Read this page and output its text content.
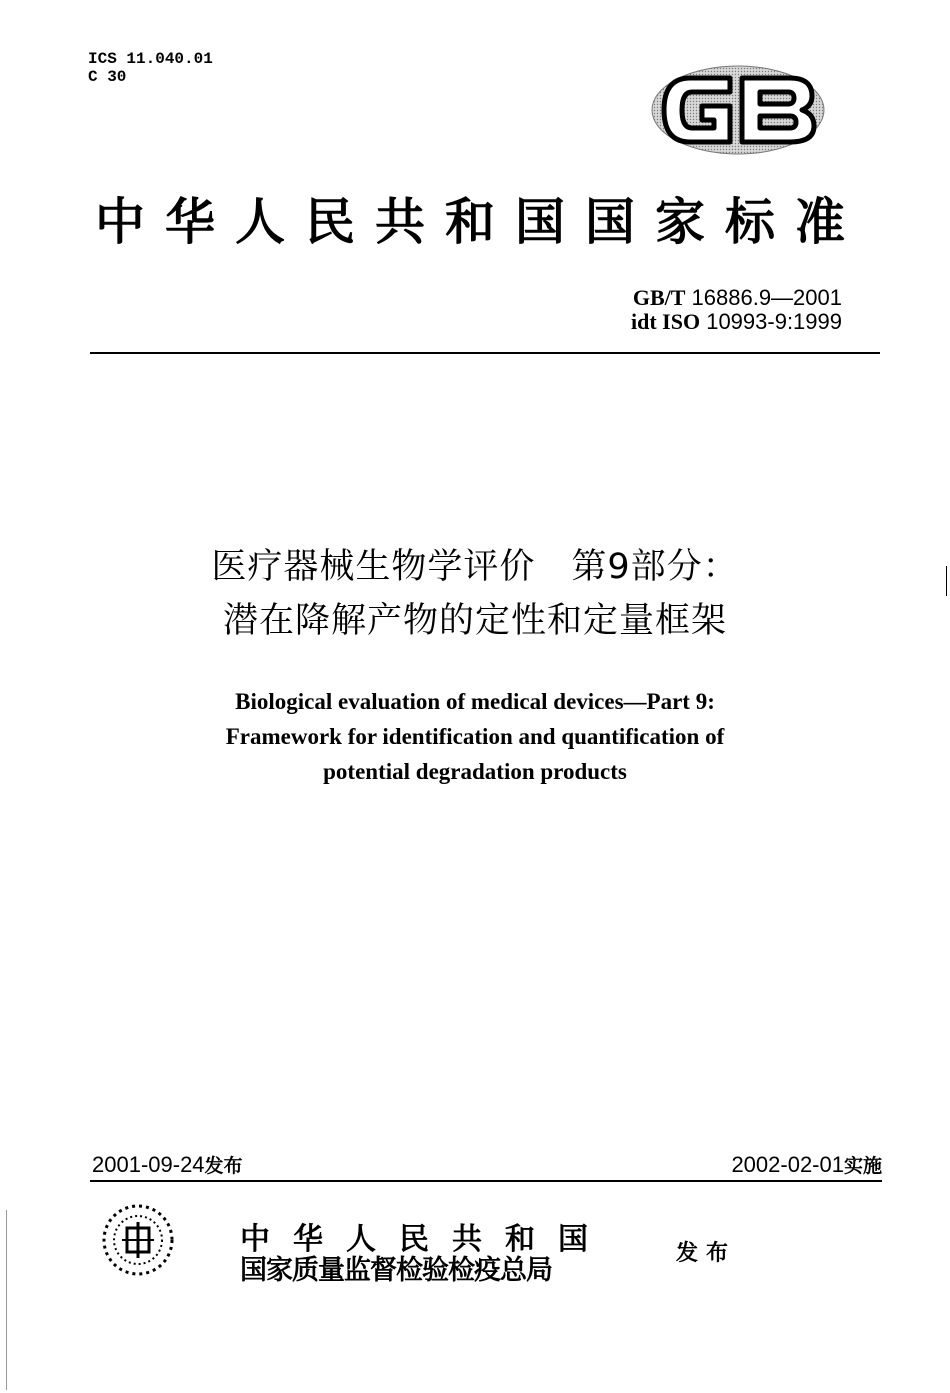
ICS 11.040.01
C 30
中华人民共和国国家标准
GB/T 16886.9—2001
idt ISO 10993-9:1999
医疗器械生物学评价　第9部分：
潜在降解产物的定性和定量框架
Biological evaluation of medical devices—Part 9:
Framework for identification and quantification of
potential degradation products
2001-09-24发布	2002-02-01实施
中华人民共和国
国家质量监督检验检疫总局
发布
